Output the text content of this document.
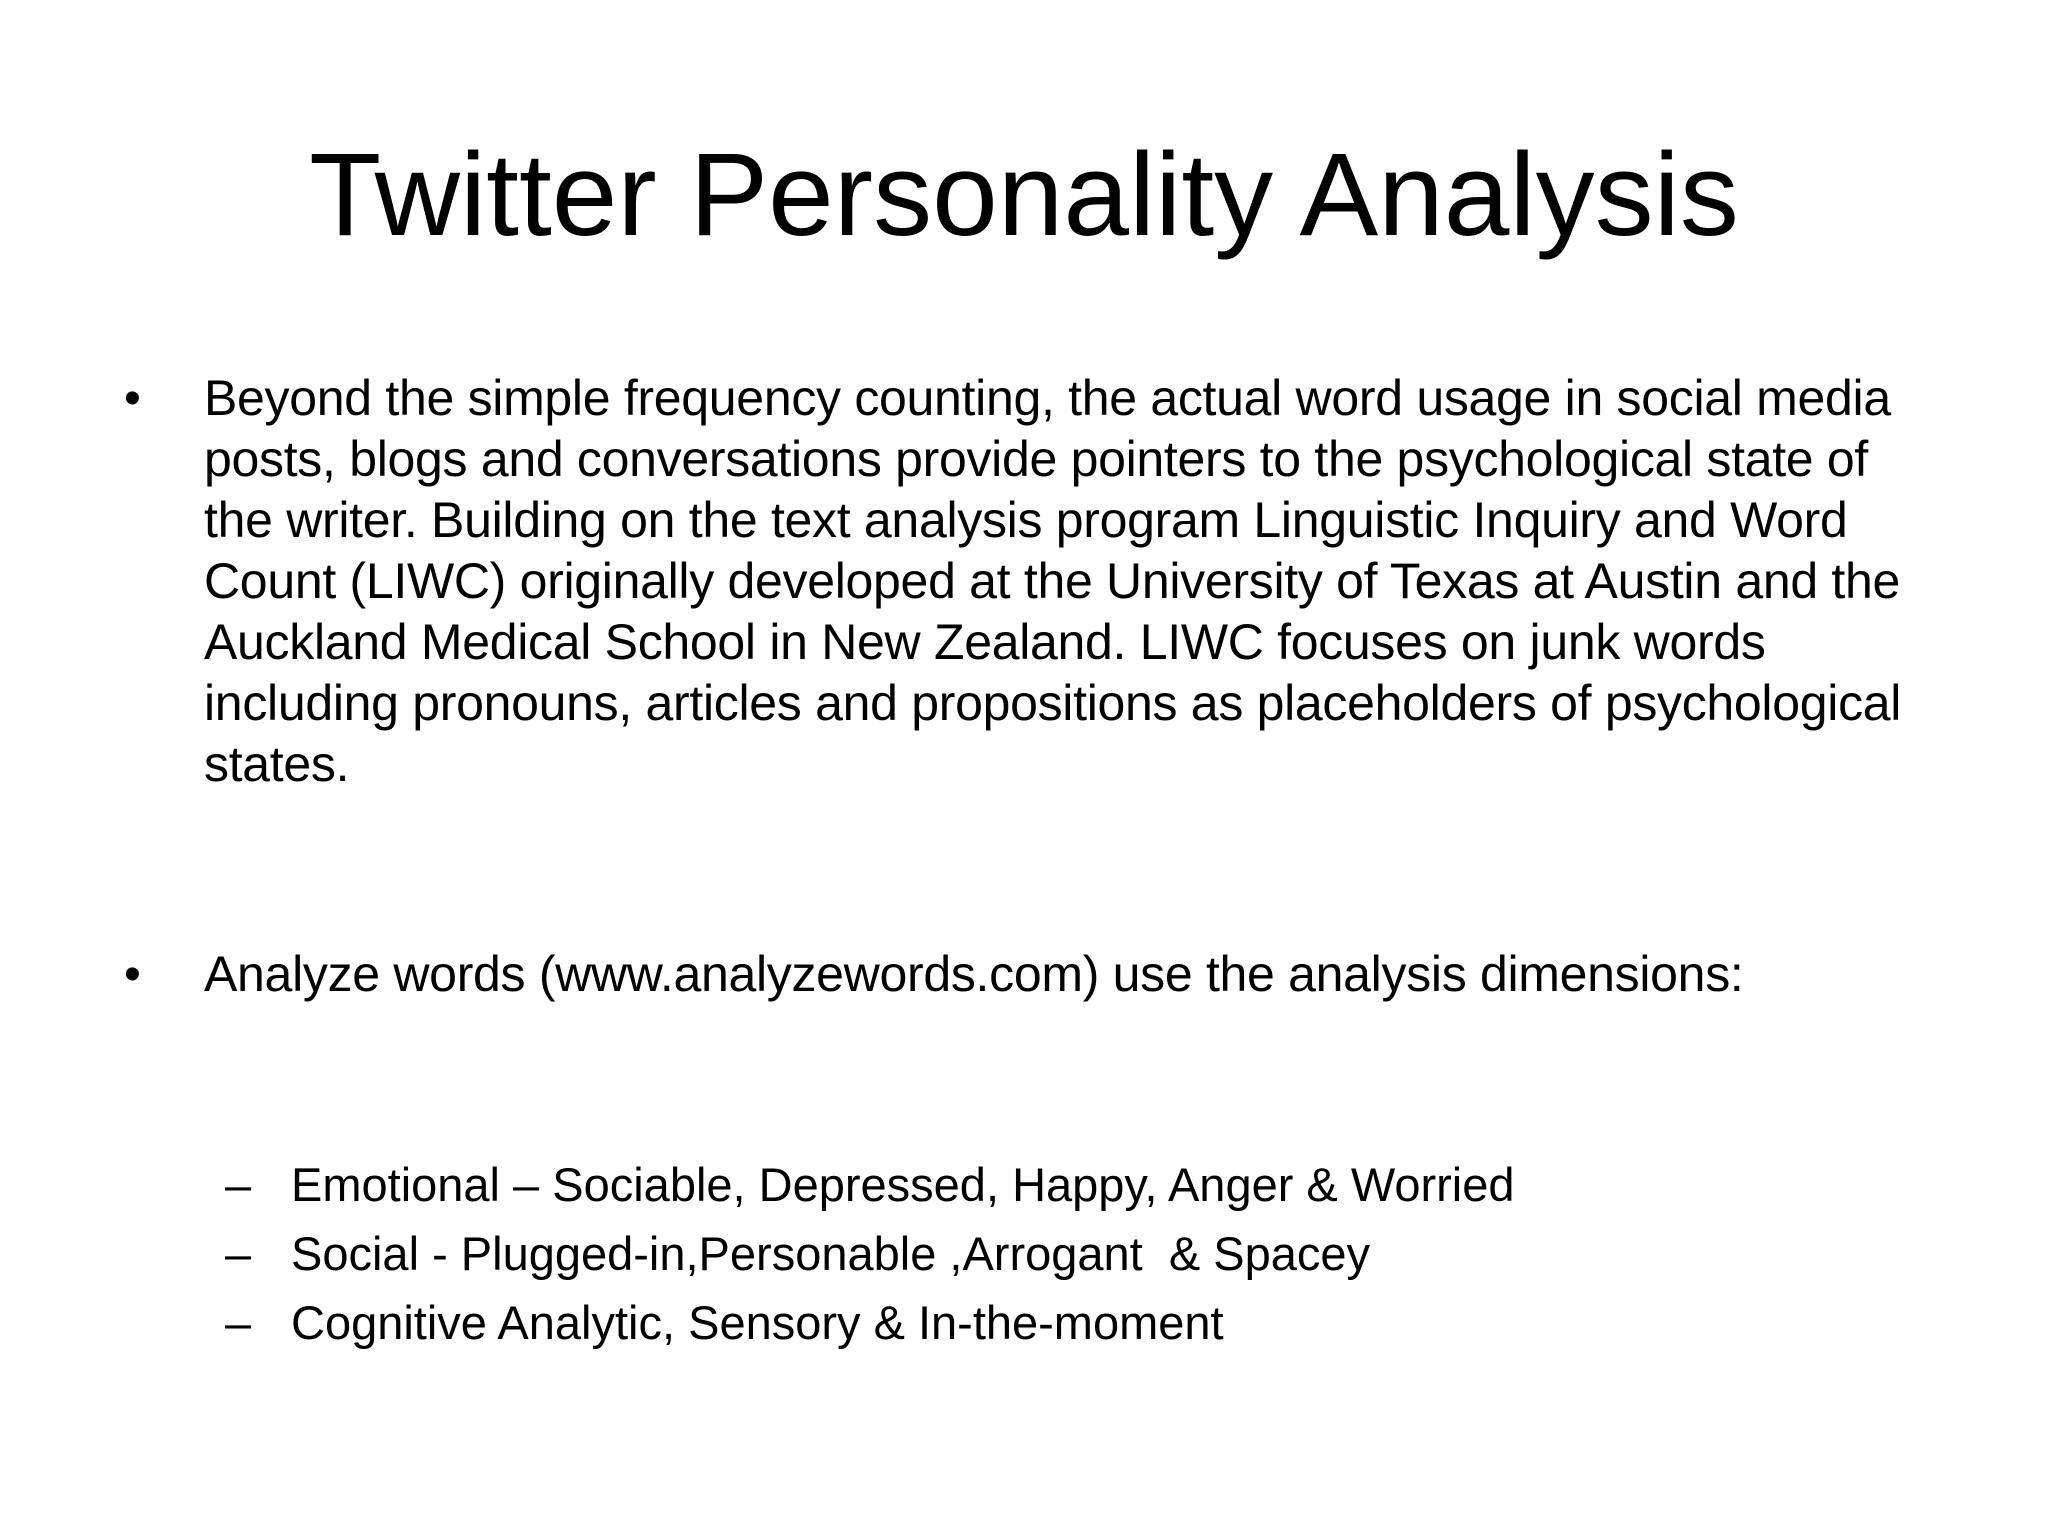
Twitter Personality Analysis
• Beyond the simple frequency counting, the actual word usage in social media posts, blogs and conversations provide pointers to the psychological state of the writer. Building on the text analysis program Linguistic Inquiry and Word Count (LIWC) originally developed at the University of Texas at Austin and the Auckland Medical School in New Zealand. LIWC focuses on junk words including pronouns, articles and propositions as placeholders of psychological states.
• Analyze words (www.analyzewords.com) use the analysis dimensions:
– Emotional – Sociable, Depressed, Happy, Anger & Worried
– Social - Plugged-in,Personable ,Arrogant  & Spacey
– Cognitive Analytic, Sensory & In-the-moment
